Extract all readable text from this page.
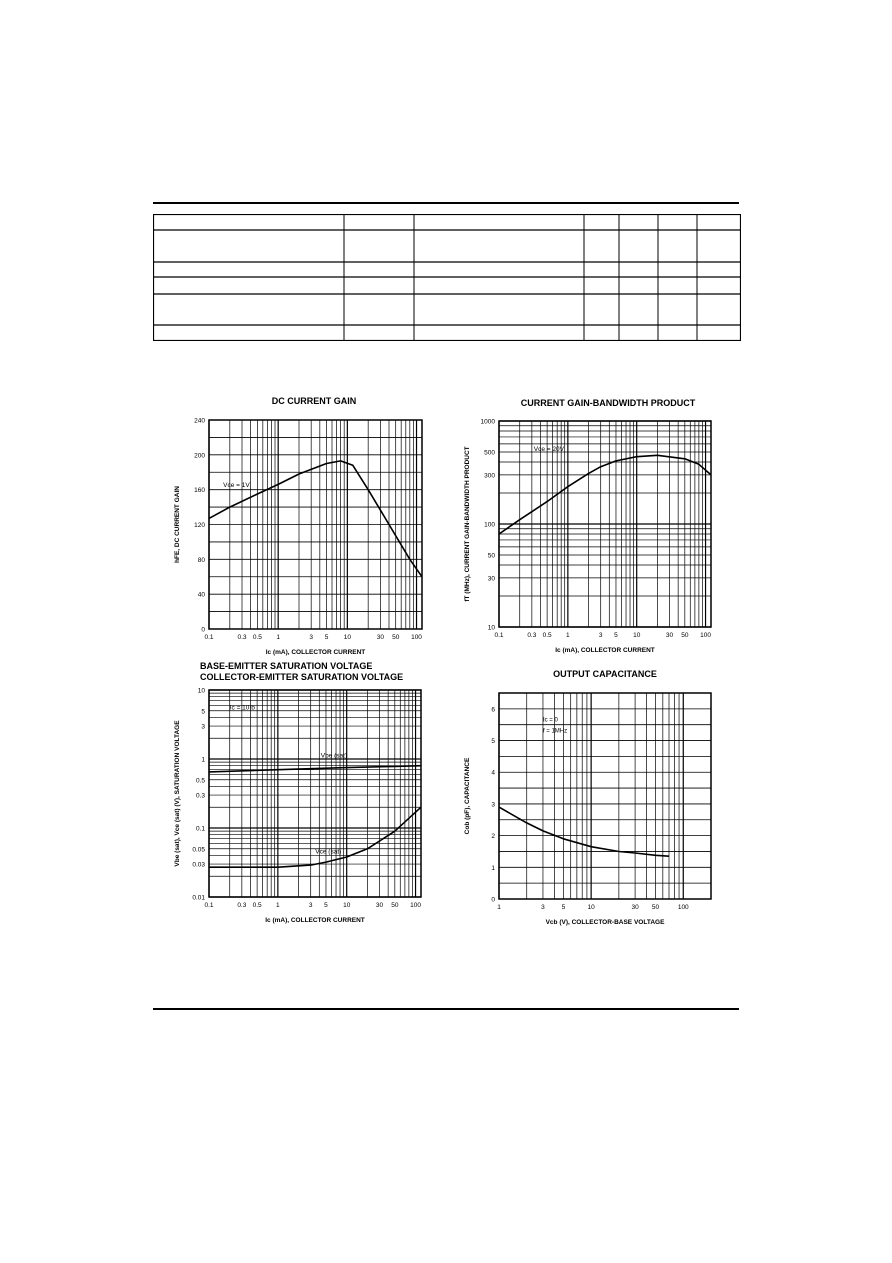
DC CURRENT GAIN
0.1	0.3 0.5 1	3 5 10	30 50 100
0
40
80
120
160
200
240
Ic (mA), COLLECTOR CURRENT
hFE, DC CURRENT GAIN
Vce = 1V
0.1	0.3 0.5 1	3 5 10	30 50 100
10
30
50
100
300
500
1000
Ic (mA), COLLECTOR CURRENT
fT (MHz), CURRENT GAIN-BANDWIDTH PRODUCT	Vce = 20V
0.1	0.3 0.5 1	3 5 10	30 50 100
0.01
0.03
0.05
0.1
0.3
0.5
1
3
5
10
Ic (mA), COLLECTOR CURRENT
Vbe (sat), Vce (sat) (V), SATURATION VOLTAGE
Ic = 10Ib
Vbe (sat)
Vce (sat)
1	3	5	10	30 50	100
0
1
2
3
4
5
6
Vcb (V), COLLECTOR-BASE VOLTAGE
Cob (pF), CAPACITANCE
Ic = 0
f = 1MHz
CURRENT GAIN-BANDWIDTH PRODUCT
BASE-EMITTER SATURATION VOLTAGE
COLLECTOR-EMITTER SATURATION VOLTAGE	OUTPUT CAPACITANCE
